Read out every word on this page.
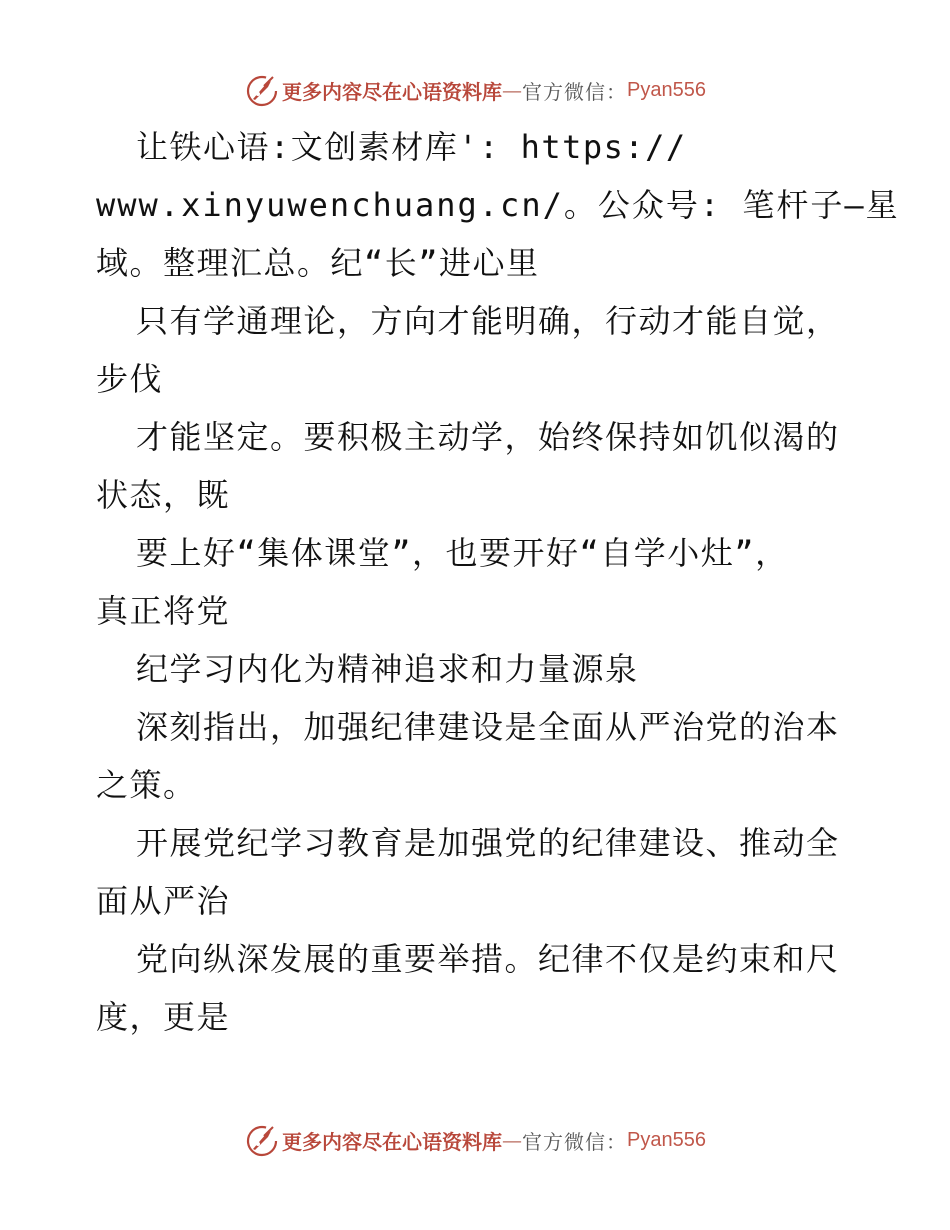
更多内容尽在心语资料库 — 官方微信： Pyan556
让铁心语:文创素材库': https://
www.xinyuwenchuang.cn/。公众号: 笔杆子—星
域。整理汇总。纪“长”进心里
只有学通理论，方向才能明确，行动才能自觉，
步伐
才能坚定。要积极主动学，始终保持如饥似渴的
状态，既
要上好“集体课堂”，也要开好“自学小灶”，
真正将党
纪学习内化为精神追求和力量源泉
深刻指出，加强纪律建设是全面从严治党的治本
之策。
开展党纪学习教育是加强党的纪律建设、推动全
面从严治
党向纵深发展的重要举措。纪律不仅是约束和尺
度，更是
更多内容尽在心语资料库 — 官方微信： Pyan556
